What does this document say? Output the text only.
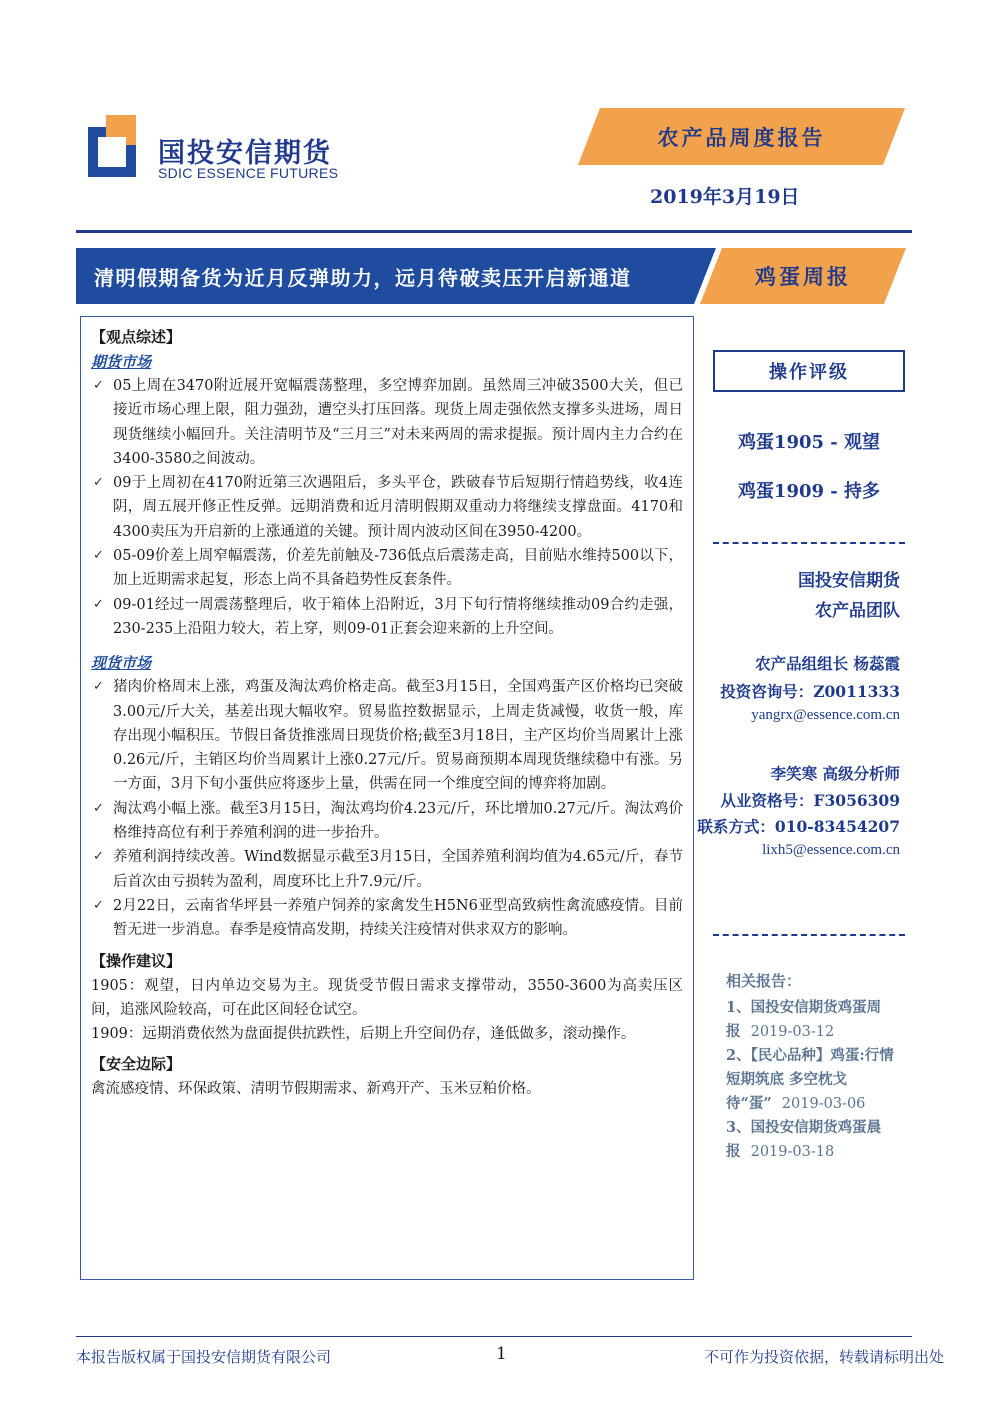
国投安信期货
SDIC ESSENCE FUTURES
农产品周度报告
2019年3月19日
清明假期备货为近月反弹助力，远月待破卖压开启新通道	鸡蛋周报
【观点综述】
期货市场
✓ 05上周在3470附近展开宽幅震荡整理，多空博弈加剧。虽然周三冲破3500大关，但已接近市场心理上限，阻力强劲，遭空头打压回落。现货上周走强依然支撑多头进场，周日现货继续小幅回升。关注清明节及“三月三”对未来两周的需求提振。预计周内主力合约在3400-3580之间波动。
✓ 09于上周初在4170附近第三次遇阻后，多头平仓，跌破春节后短期行情趋势线，收4连阴，周五展开修正性反弹。远期消费和近月清明假期双重动力将继续支撑盘面。4170和4300卖压为开启新的上涨通道的关键。预计周内波动区间在3950-4200。
✓ 05-09价差上周窄幅震荡，价差先前触及-736低点后震荡走高，目前贴水维持500以下，加上近期需求起复，形态上尚不具备趋势性反套条件。
✓ 09-01经过一周震荡整理后，收于箱体上沿附近，3月下旬行情将继续推动09合约走强，230-235上沿阻力较大，若上穿，则09-01正套会迎来新的上升空间。
现货市场
✓ 猪肉价格周末上涨，鸡蛋及淘汰鸡价格走高。截至3月15日，全国鸡蛋产区价格均已突破3.00元/斤大关，基差出现大幅收窄。贸易监控数据显示，上周走货减慢，收货一般，库存出现小幅积压。节假日备货推涨周日现货价格;截至3月18日，主产区均价当周累计上涨0.26元/斤，主销区均价当周累计上涨0.27元/斤。贸易商预期本周现货继续稳中有涨。另一方面，3月下旬小蛋供应将逐步上量，供需在同一个维度空间的博弈将加剧。
✓ 淘汰鸡小幅上涨。截至3月15日，淘汰鸡均价4.23元/斤，环比增加0.27元/斤。淘汰鸡价格维持高位有利于养殖利润的进一步抬升。
✓ 养殖利润持续改善。Wind数据显示截至3月15日，全国养殖利润均值为4.65元/斤，春节后首次由亏损转为盈利，周度环比上升7.9元/斤。
✓ 2月22日，云南省华坪县一养殖户饲养的家禽发生H5N6亚型高致病性禽流感疫情。目前暂无进一步消息。春季是疫情高发期，持续关注疫情对供求双方的影响。
【操作建议】
1905：观望，日内单边交易为主。现货受节假日需求支撑带动，3550-3600为高卖压区间，追涨风险较高，可在此区间轻仓试空。
1909：远期消费依然为盘面提供抗跌性，后期上升空间仍存，逢低做多，滚动操作。
【安全边际】
禽流感疫情、环保政策、清明节假期需求、新鸡开产、玉米豆粕价格。
操作评级
鸡蛋1905 - 观望
鸡蛋1909 - 持多
国投安信期货
农产品团队
农产品组组长 杨蕊霞
投资咨询号：Z0011333
yangrx@essence.com.cn
李笑寒 高级分析师
从业资格号：F3056309
联系方式：010-83454207
lixh5@essence.com.cn
相关报告：
1、国投安信期货鸡蛋周报 2019-03-12
2、【民心品种】鸡蛋:行情短期筑底 多空枕戈待“蛋” 2019-03-06
3、国投安信期货鸡蛋晨报 2019-03-18
本报告版权属于国投安信期货有限公司	1	不可作为投资依据，转载请标明出处
